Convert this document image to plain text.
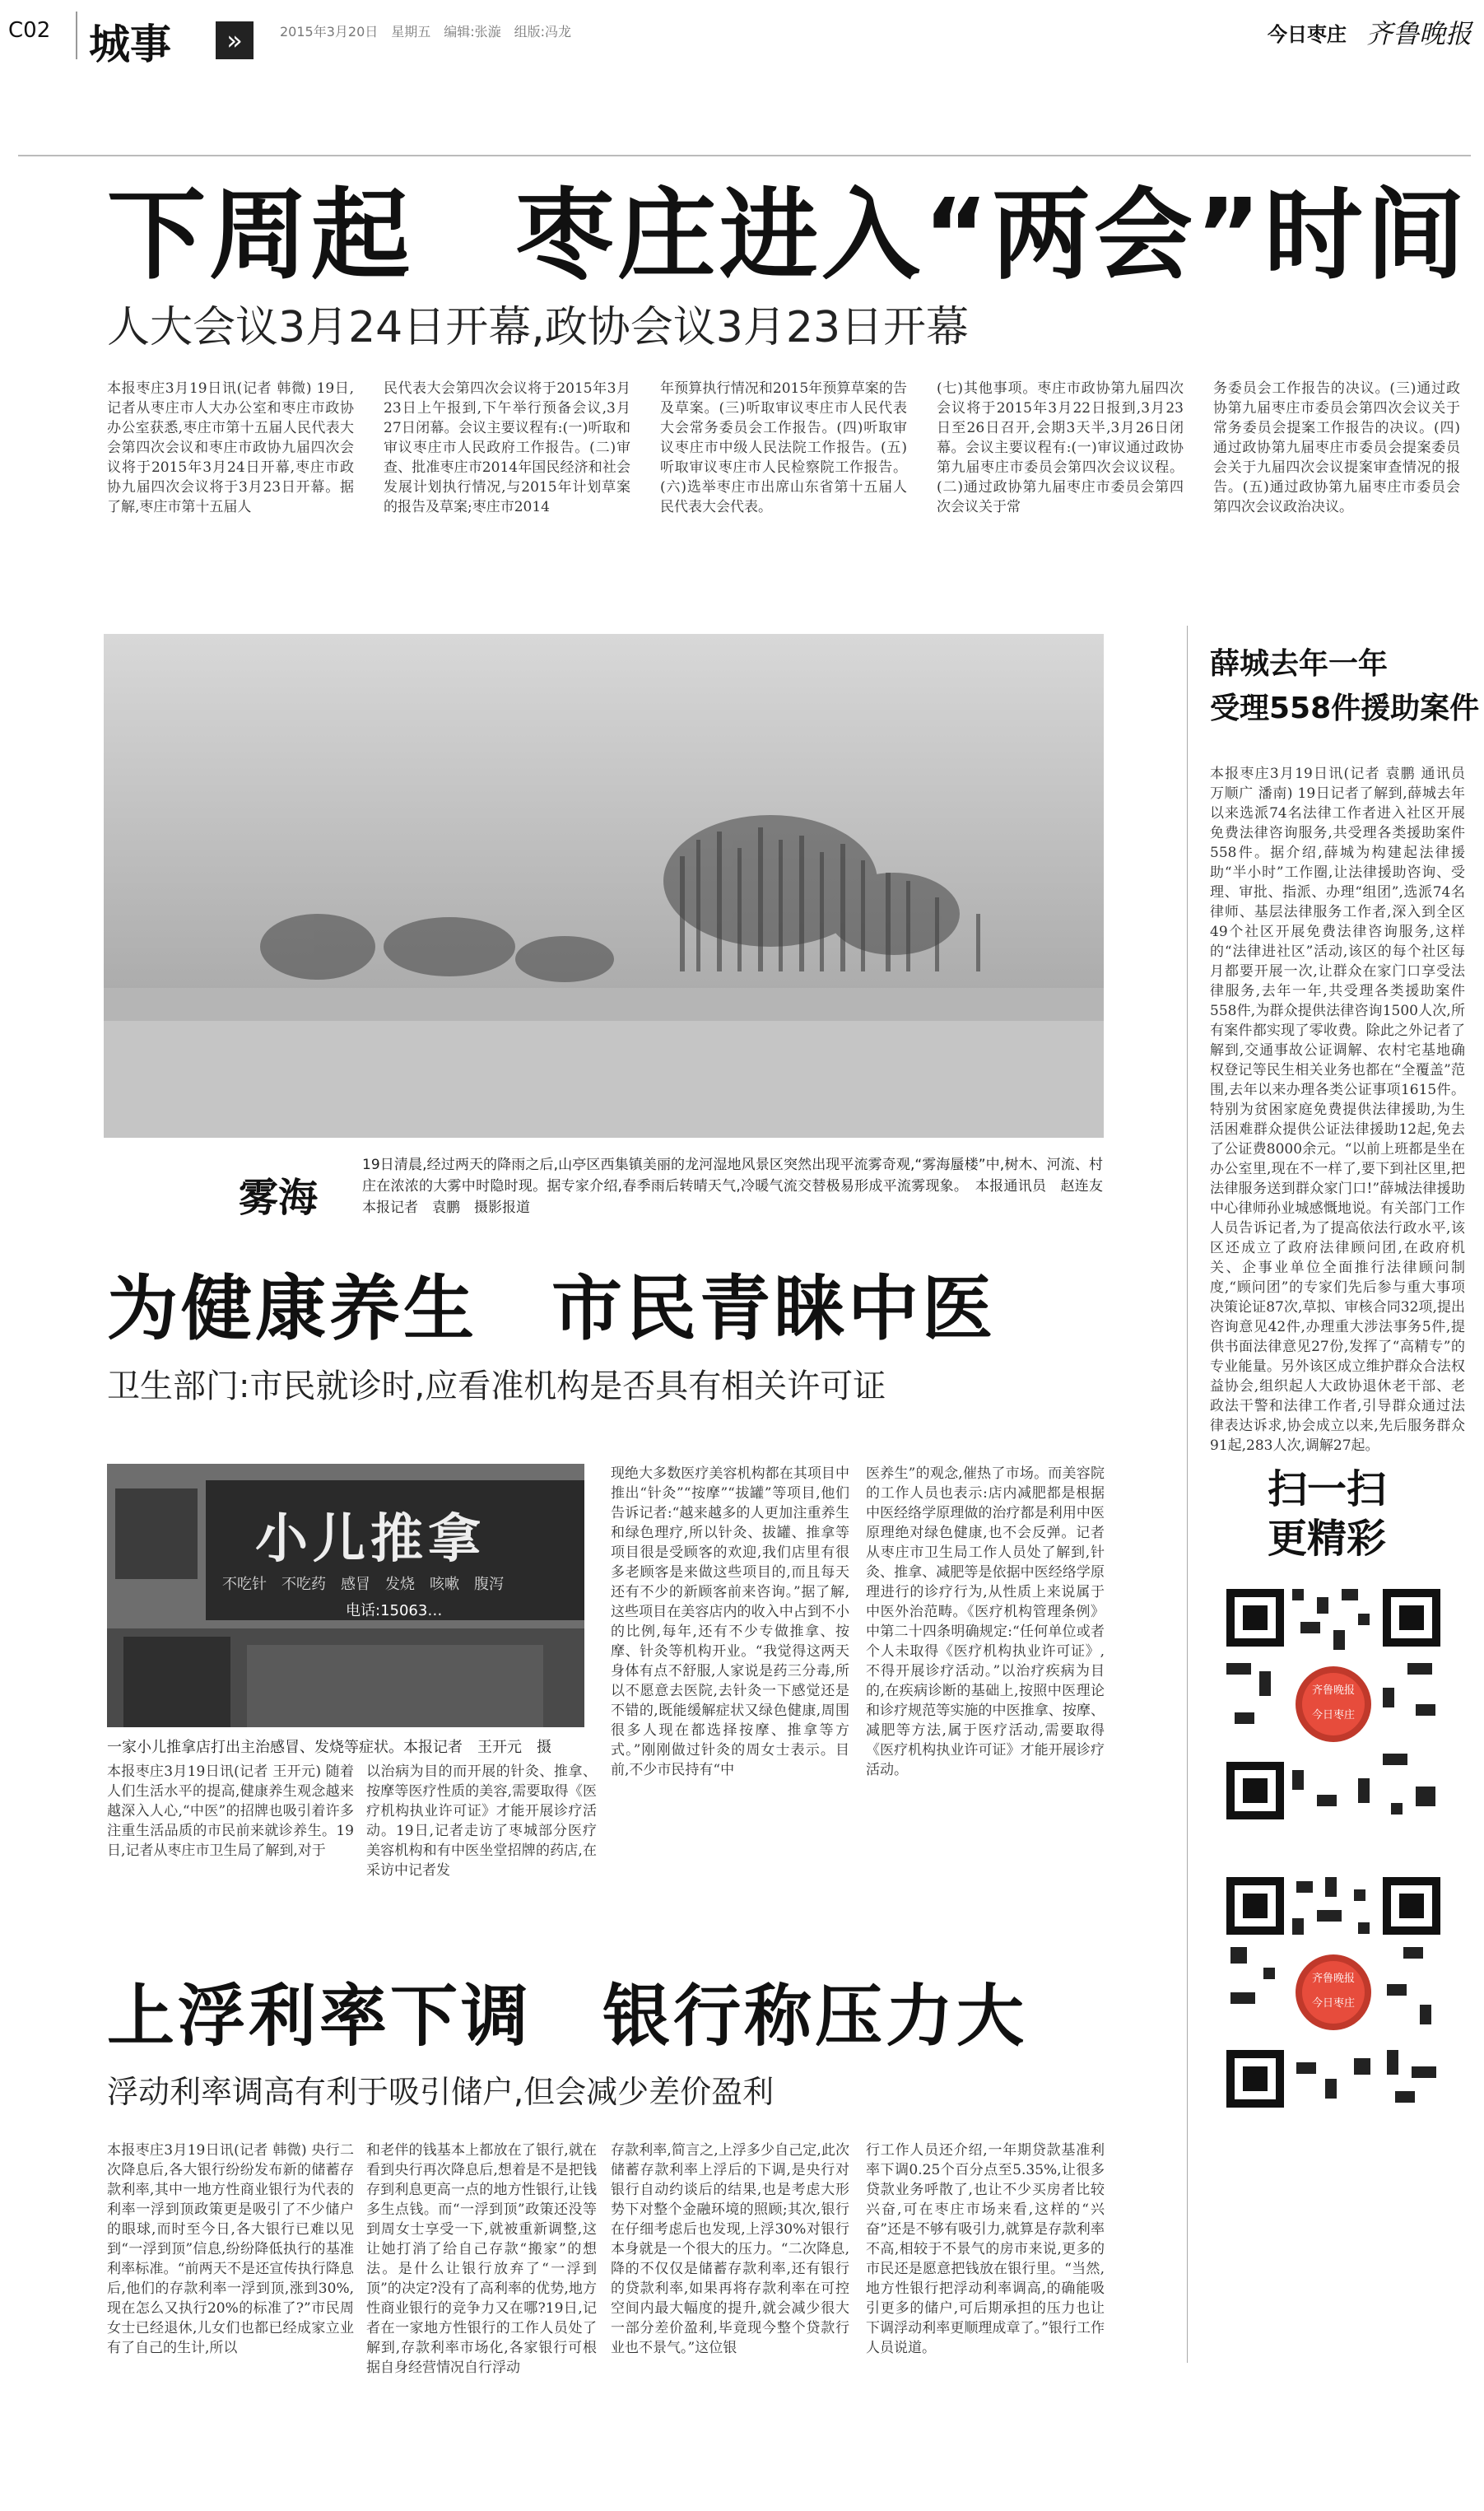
C02 城事	»	2015年3月20日　星期五　编辑:张漩　组版:冯龙	今日枣庄 齐鲁晚报
下周起　枣庄进入“两会”时间
人大会议3月24日开幕,政协会议3月23日开幕
本报枣庄3月19日讯(记者 韩微) 19日,记者从枣庄市人大办公室和枣庄市政协办公室获悉,枣庄市第十五届人民代表大会第四次会议和枣庄市政协九届四次会议将于2015年3月24日开幕,枣庄市政协九届四次会议将于3月23日开幕。据了解,枣庄市第十五届人
民代表大会第四次会议将于2015年3月23日上午报到,下午举行预备会议,3月27日闭幕。会议主要议程有:(一)听取和审议枣庄市人民政府工作报告。(二)审查、批准枣庄市2014年国民经济和社会发展计划执行情况,与2015年计划草案的报告及草案;枣庄市2014
年预算执行情况和2015年预算草案的告及草案。(三)听取审议枣庄市人民代表大会常务委员会工作报告。(四)听取审议枣庄市中级人民法院工作报告。(五)听取审议枣庄市人民检察院工作报告。(六)选举枣庄市出席山东省第十五届人民代表大会代表。
(七)其他事项。枣庄市政协第九届四次会议将于2015年3月22日报到,3月23日至26日召开,会期3天半,3月26日闭幕。会议主要议程有:(一)审议通过政协第九届枣庄市委员会第四次会议议程。(二)通过政协第九届枣庄市委员会第四次会议关于常
务委员会工作报告的决议。(三)通过政协第九届枣庄市委员会第四次会议关于常务委员会提案工作报告的决议。(四)通过政协第九届枣庄市委员会提案委员会关于九届四次会议提案审查情况的报告。(五)通过政协第九届枣庄市委员会第四次会议政治决议。
雾海
19日清晨,经过两天的降雨之后,山亭区西集镇美丽的龙河湿地风景区突然出现平流雾奇观,“雾海蜃楼”中,树木、河流、村庄在浓浓的大雾中时隐时现。据专家介绍,春季雨后转晴天气,冷暖气流交替极易形成平流雾现象。　本报通讯员　赵连友　本报记者　袁鹏　摄影报道
薛城去年一年
受理558件援助案件
本报枣庄3月19日讯(记者 袁鹏 通讯员 万顺广 潘南) 19日记者了解到,薛城去年以来选派74名法律工作者进入社区开展免费法律咨询服务,共受理各类援助案件558件。据介绍,薛城为构建起法律援助“半小时”工作圈,让法律援助咨询、受理、审批、指派、办理“组团”,选派74名律师、基层法律服务工作者,深入到全区49个社区开展免费法律咨询服务,这样的“法律进社区”活动,该区的每个社区每月都要开展一次,让群众在家门口享受法律服务,去年一年,共受理各类援助案件558件,为群众提供法律咨询1500人次,所有案件都实现了零收费。除此之外记者了解到,交通事故公证调解、农村宅基地确权登记等民生相关业务也都在“全覆盖”范围,去年以来办理各类公证事项1615件。特别为贫困家庭免费提供法律援助,为生活困难群众提供公证法律援助12起,免去了公证费8000余元。“以前上班都是坐在办公室里,现在不一样了,要下到社区里,把法律服务送到群众家门口!”薛城法律援助中心律师孙业城感慨地说。有关部门工作人员告诉记者,为了提高依法行政水平,该区还成立了政府法律顾问团,在政府机关、企事业单位全面推行法律顾问制度,“顾问团”的专家们先后参与重大事项决策论证87次,草拟、审核合同32项,提出咨询意见42件,办理重大涉法事务5件,提供书面法律意见27份,发挥了“高精专”的专业能量。另外该区成立维护群众合法权益协会,组织起人大政协退休老干部、老政法干警和法律工作者,引导群众通过法律表达诉求,协会成立以来,先后服务群众91起,283人次,调解27起。
扫一扫
更精彩
齐鲁晚报
今日枣庄
齐鲁晚报
今日枣庄
为健康养生　市民青睐中医
卫生部门:市民就诊时,应看准机构是否具有相关许可证
小儿推拿
不吃针　不吃药　感冒　发烧　咳嗽　腹泻
电话:15063…
一家小儿推拿店打出主治感冒、发烧等症状。本报记者　王开元　摄
本报枣庄3月19日讯(记者 王开元) 随着人们生活水平的提高,健康养生观念越来越深入人心,“中医”的招牌也吸引着许多注重生活品质的市民前来就诊养生。19日,记者从枣庄市卫生局了解到,对于
以治病为目的而开展的针灸、推拿、按摩等医疗性质的美容,需要取得《医疗机构执业许可证》才能开展诊疗活动。19日,记者走访了枣城部分医疗美容机构和有中医坐堂招牌的药店,在采访中记者发
现绝大多数医疗美容机构都在其项目中推出“针灸”“按摩”“拔罐”等项目,他们告诉记者:“越来越多的人更加注重养生和绿色理疗,所以针灸、拔罐、推拿等项目很是受顾客的欢迎,我们店里有很多老顾客是来做这些项目的,而且每天还有不少的新顾客前来咨询。”据了解,这些项目在美容店内的收入中占到不小的比例,每年,还有不少专做推拿、按摩、针灸等机构开业。“我觉得这两天身体有点不舒服,人家说是药三分毒,所以不愿意去医院,去针灸一下感觉还是不错的,既能缓解症状又绿色健康,周围很多人现在都选择按摩、推拿等方式。”刚刚做过针灸的周女士表示。目前,不少市民持有“中
医养生”的观念,催热了市场。而美容院的工作人员也表示:店内减肥都是根据中医经络学原理做的治疗都是利用中医原理绝对绿色健康,也不会反弹。记者从枣庄市卫生局工作人员处了解到,针灸、推拿、减肥等是依据中医经络学原理进行的诊疗行为,从性质上来说属于中医外治范畴。《医疗机构管理条例》中第二十四条明确规定:“任何单位或者个人未取得《医疗机构执业许可证》,不得开展诊疗活动。”以治疗疾病为目的,在疾病诊断的基础上,按照中医理论和诊疗规范等实施的中医推拿、按摩、减肥等方法,属于医疗活动,需要取得《医疗机构执业许可证》才能开展诊疗活动。
上浮利率下调　银行称压力大
浮动利率调高有利于吸引储户,但会减少差价盈利
本报枣庄3月19日讯(记者 韩微) 央行二次降息后,各大银行纷纷发布新的储蓄存款利率,其中一地方性商业银行为代表的利率一浮到顶政策更是吸引了不少储户的眼球,而时至今日,各大银行已难以见到“一浮到顶”信息,纷纷降低执行的基准利率标准。“前两天不是还宣传执行降息后,他们的存款利率一浮到顶,涨到30%,现在怎么又执行20%的标准了?”市民周女士已经退休,儿女们也都已经成家立业有了自己的生计,所以
和老伴的钱基本上都放在了银行,就在看到央行再次降息后,想着是不是把钱存到利息更高一点的地方性银行,让钱多生点钱。而“一浮到顶”政策还没等到周女士享受一下,就被重新调整,这让她打消了给自己存款“搬家”的想法。是什么让银行放弃了“一浮到顶”的决定?没有了高利率的优势,地方性商业银行的竞争力又在哪?19日,记者在一家地方性银行的工作人员处了解到,存款利率市场化,各家银行可根据自身经营情况自行浮动
存款利率,简言之,上浮多少自己定,此次储蓄存款利率上浮后的下调,是央行对银行自动约谈后的结果,也是考虑大形势下对整个金融环境的照顾;其次,银行在仔细考虑后也发现,上浮30%对银行本身就是一个很大的压力。“二次降息,降的不仅仅是储蓄存款利率,还有银行的贷款利率,如果再将存款利率在可控空间内最大幅度的提升,就会减少很大一部分差价盈利,毕竟现今整个贷款行业也不景气。”这位银
行工作人员还介绍,一年期贷款基准利率下调0.25个百分点至5.35%,让很多贷款业务呼散了,也让不少买房者比较兴奋,可在枣庄市场来看,这样的“兴奋”还是不够有吸引力,就算是存款利率不高,相较于不景气的房市来说,更多的市民还是愿意把钱放在银行里。“当然,地方性银行把浮动利率调高,的确能吸引更多的储户,可后期承担的压力也让下调浮动利率更顺理成章了。”银行工作人员说道。
